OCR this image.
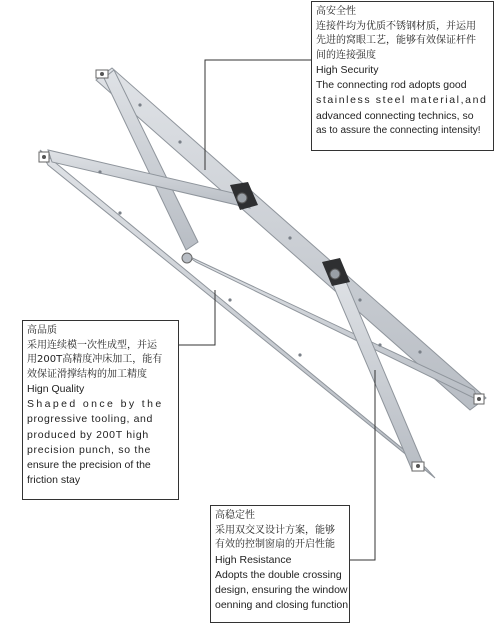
高安全性
连接件均为优质不锈钢材质，并运用
先进的窝眼工艺，能够有效保证杆件
间的连接强度
High Security
The connecting rod adopts good
stainless steel material,and
advanced connecting technics, so
as to assure the connecting intensity!
高品质
采用连续模一次性成型，并运
用200T高精度冲床加工，能有
效保证滑撑结构的加工精度
Hign Quality
Shaped once by the
progressive tooling, and
produced by 200T high
precision punch, so the
ensure the precision of the
friction stay
高稳定性
采用双交叉设计方案，能够
有效的控制窗扇的开启性能
High Resistance
Adopts the double crossing
design, ensuring the window
oenning and closing function
